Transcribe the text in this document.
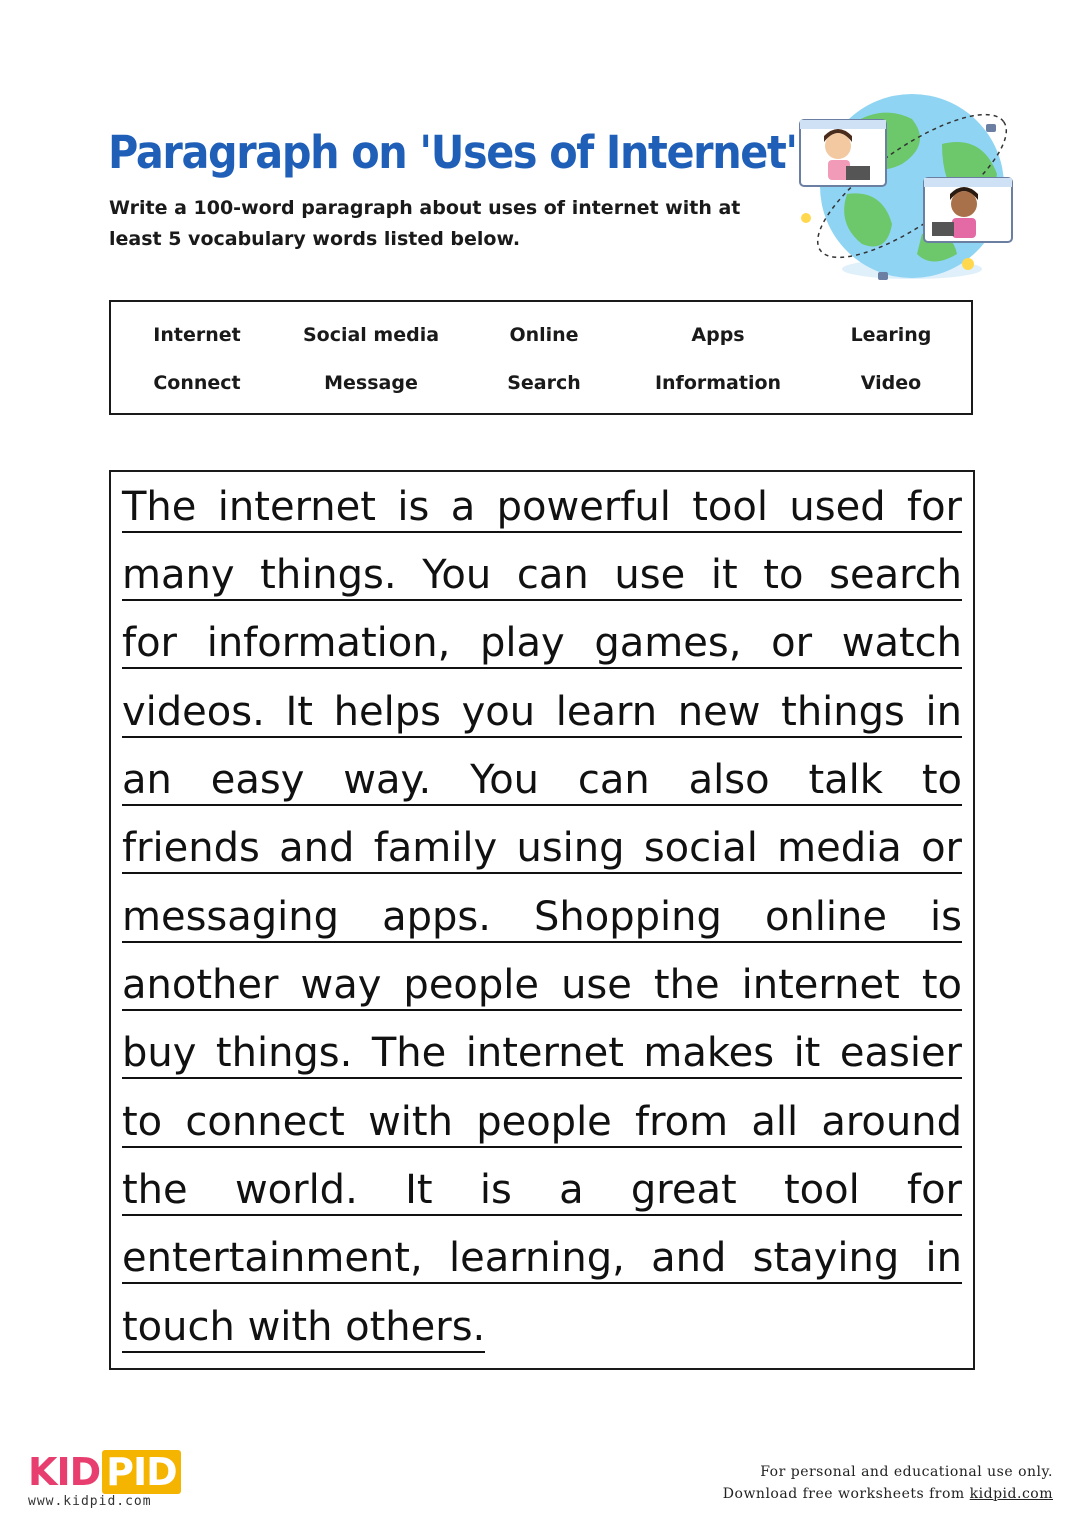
Paragraph on 'Uses of Internet'
Write a 100-word paragraph about uses of internet with at least 5 vocabulary words listed below.
Internet	Social media	Online	Apps	Learing
Connect	Message	Search	Information	Video
The internet is a powerful tool used for
many things. You can use it to search
for information, play games, or watch
videos. It helps you learn new things in
an easy way. You can also talk to
friends and family using social media or
messaging apps. Shopping online is
another way people use the internet to
buy things. The internet makes it easier
to connect with people from all around
the world. It is a great tool for
entertainment, learning, and staying in
touch with others.
KID PID
www.kidpid.com
For personal and educational use only.
Download free worksheets from kidpid.com
